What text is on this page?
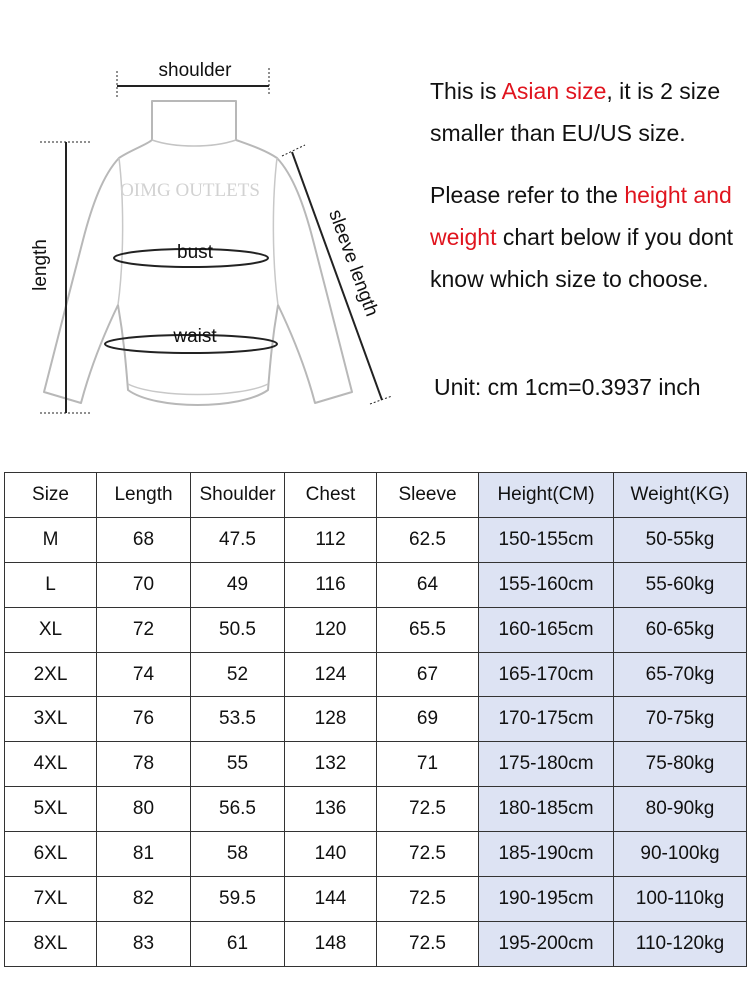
OIMG OUTLETS
shoulder
length	sleeve length
bust
waist

This is Asian size, it is 2 size smaller than EU/US size.

Please refer to the height and weight chart below if you dont know which size to choose.

Unit: cm 1cm=0.3937 inch
Size	Length	Shoulder	Chest	Sleeve	Height(CM)	Weight(KG)
M	68	47.5	112	62.5	150-155cm	50-55kg
L	70	49	116	64	155-160cm	55-60kg
XL	72	50.5	120	65.5	160-165cm	60-65kg
2XL	74	52	124	67	165-170cm	65-70kg
3XL	76	53.5	128	69	170-175cm	70-75kg
4XL	78	55	132	71	175-180cm	75-80kg
5XL	80	56.5	136	72.5	180-185cm	80-90kg
6XL	81	58	140	72.5	185-190cm	90-100kg
7XL	82	59.5	144	72.5	190-195cm	100-110kg
8XL	83	61	148	72.5	195-200cm	110-120kg
